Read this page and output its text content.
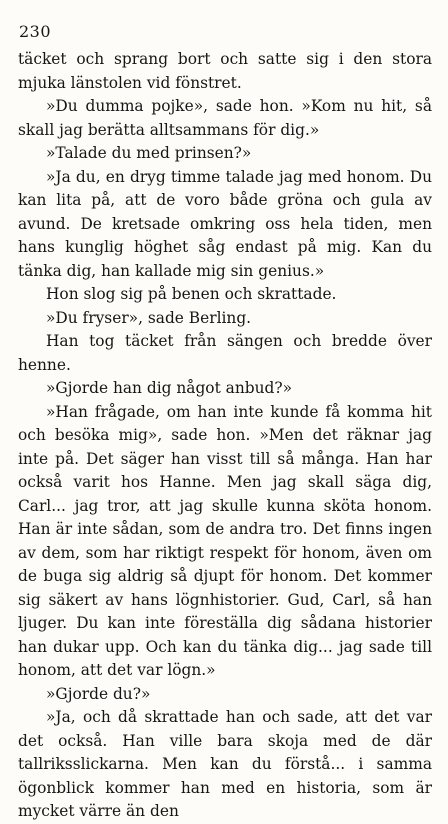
230

täcket och sprang bort och satte sig i den stora mjuka länstolen vid fönstret.

»Du dumma pojke», sade hon. »Kom nu hit, så skall jag berätta alltsammans för dig.»

»Talade du med prinsen?»

»Ja du, en dryg timme talade jag med honom. Du kan lita på, att de voro både gröna och gula av avund. De kretsade omkring oss hela tiden, men hans kunglig höghet såg endast på mig. Kan du tänka dig, han kallade mig sin genius.»

Hon slog sig på benen och skrattade.

»Du fryser», sade Berling.

Han tog täcket från sängen och bredde över henne.

»Gjorde han dig något anbud?»

»Han frågade, om han inte kunde få komma hit och besöka mig», sade hon. »Men det räknar jag inte på. Det säger han visst till så många. Han har också varit hos Hanne. Men jag skall säga dig, Carl... jag tror, att jag skulle kunna sköta honom. Han är inte sådan, som de andra tro. Det finns ingen av dem, som har riktigt respekt för honom, även om de buga sig aldrig så djupt för honom. Det kommer sig säkert av hans lögnhistorier. Gud, Carl, så han ljuger. Du kan inte föreställa dig sådana historier han dukar upp. Och kan du tänka dig... jag sade till honom, att det var lögn.»

»Gjorde du?»

»Ja, och då skrattade han och sade, att det var det också. Han ville bara skoja med de där tallriksslickarna. Men kan du förstå... i samma ögonblick kommer han med en historia, som är mycket värre än den
